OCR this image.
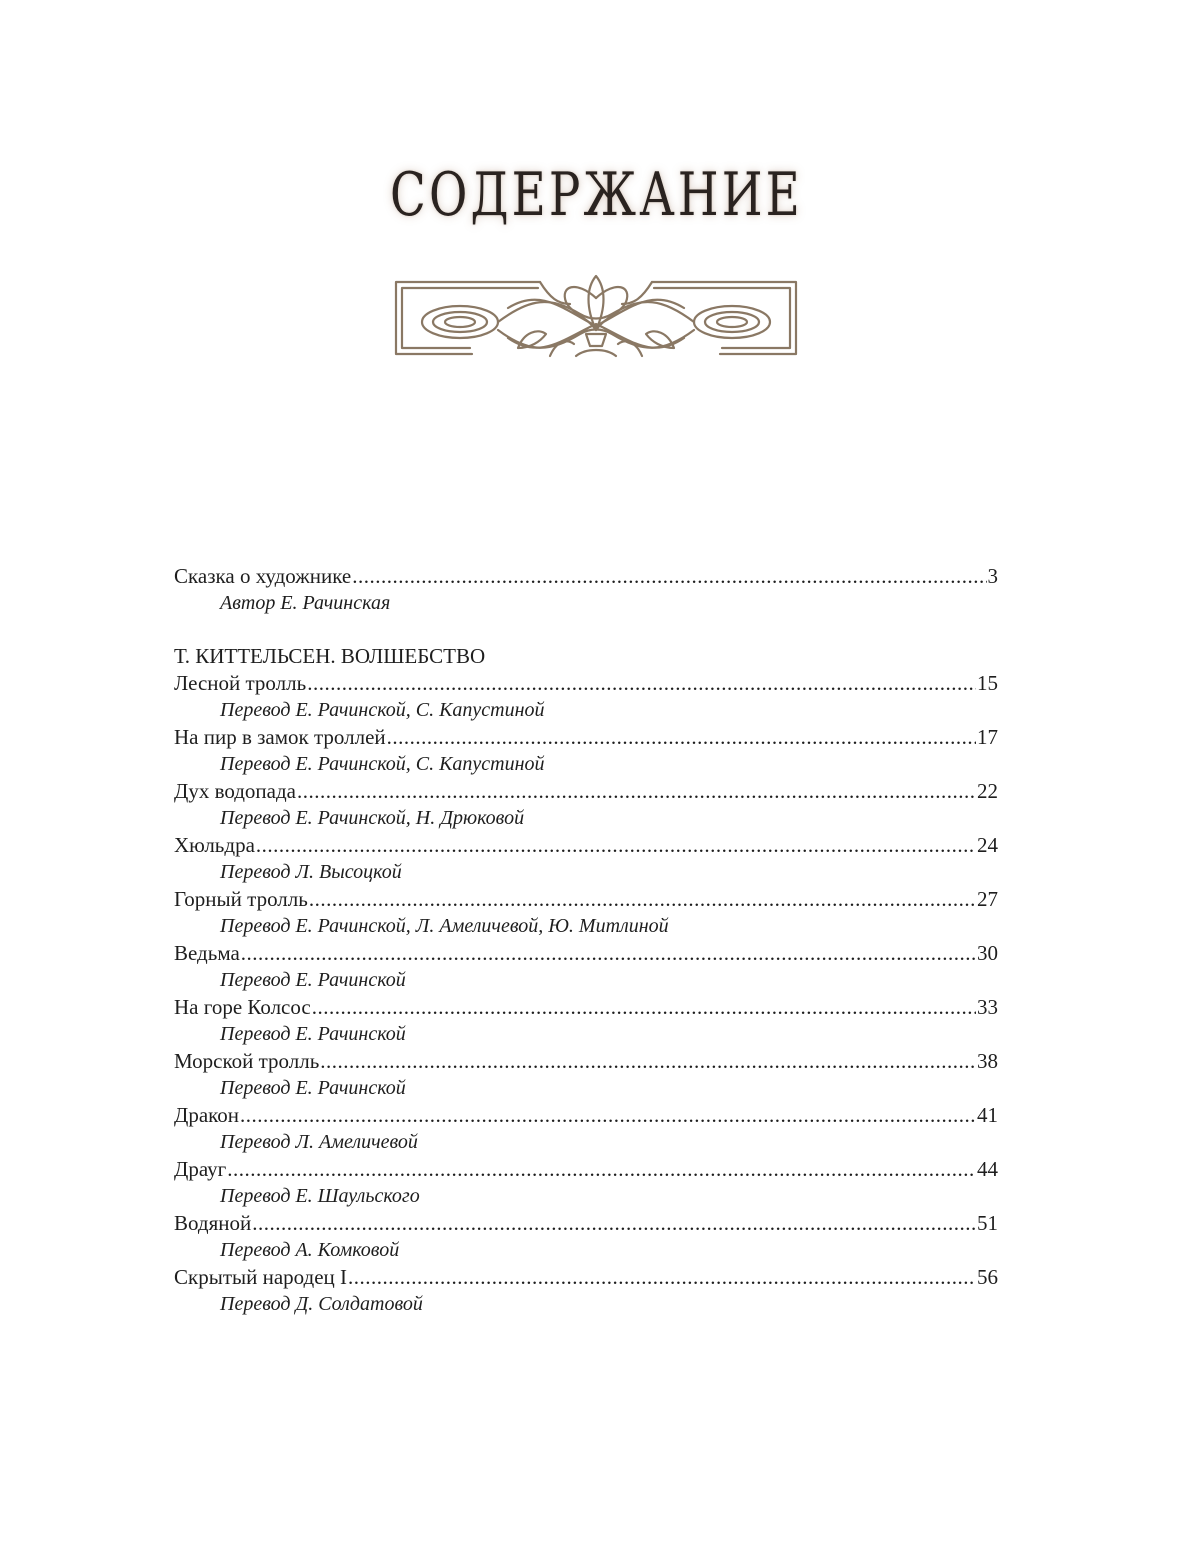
СОДЕРЖАНИЕ
Сказка о художнике .....	3
Автор Е. Рачинская
Т. КИТТЕЛЬСЕН. ВОЛШЕБСТВО
Лесной тролль .....	15
Перевод Е. Рачинской, С. Капустиной
На пир в замок троллей .....	17
Перевод Е. Рачинской, С. Капустиной
Дух водопада .....	22
Перевод Е. Рачинской, Н. Дрюковой
Хюльдра .....	24
Перевод Л. Высоцкой
Горный тролль .....	27
Перевод Е. Рачинской, Л. Амеличевой, Ю. Митлиной
Ведьма .....	30
Перевод Е. Рачинской
На горе Колсос .....	33
Перевод Е. Рачинской
Морской тролль .....	38
Перевод Е. Рачинской
Дракон .....	41
Перевод Л. Амеличевой
Драуг .....	44
Перевод Е. Шаульского
Водяной .....	51
Перевод А. Комковой
Скрытый народец I .....	56
Перевод Д. Солдатовой
